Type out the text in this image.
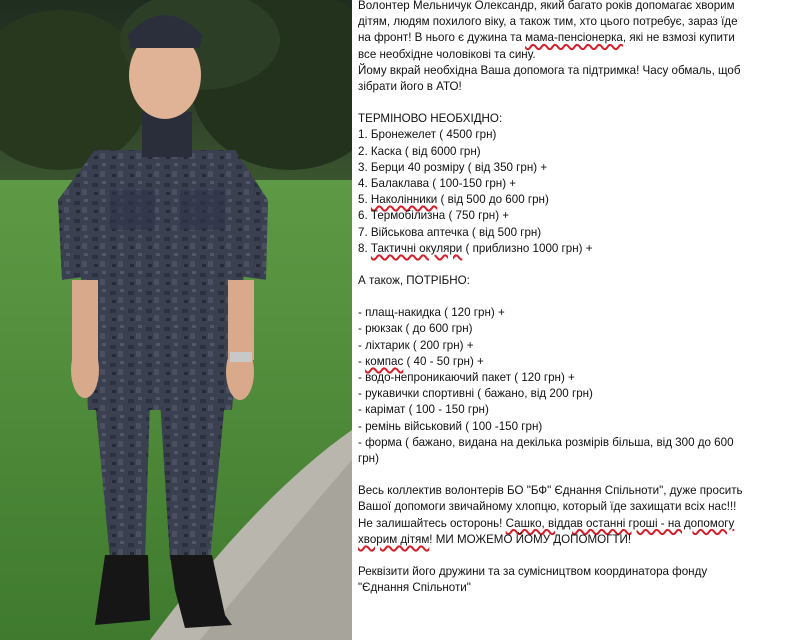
Волонтер Мельничук Олександр, який багато років допомагає хворим

дітям, людям похилого віку, а також тим, хто цього потребує, зараз їде

на фронт! В нього є дужина та мама-пенсіонерка, які не взмозі купити

все необхідне чоловікові та сину.

Йому вкрай необхідна Ваша допомога та підтримка! Часу обмаль, щоб

зібрати його в АТО!

ТЕРМІНОВО НЕОБХІДНО:

1. Бронежелет ( 4500 грн)

2. Каска ( від 6000 грн)

3. Берци 40 розміру ( від 350 грн) +

4. Балаклава ( 100-150 грн) +

5. Наколінники ( від 500 до 600 грн)

6. Термобілизна ( 750 грн) +

7. Військова аптечка ( від 500 грн)

8. Тактичні окуляри ( приблизно 1000 грн) +

А також, ПОТРІБНО:

- плащ-накидка ( 120 грн) +

- рюкзак ( до 600 грн)

- ліхтарик ( 200 грн) +

- компас ( 40 - 50 грн) +

- водо-непроникаючий пакет ( 120 грн) +

- рукавички спортивні ( бажано, від 200 грн)

- карімат ( 100 - 150 грн)

- ремінь військовий ( 100 -150 грн)

- форма ( бажано, видана на декілька розмірів більша, від 300 до 600

грн)

Весь коллектив волонтерів БО "БФ" Єднання Спільноти", дуже просить

Вашої допомоги звичайному хлопцю, который їде захищати всіх нас!!!

Не залишайтесь осторонь! Сашко, віддав останні гроші - на допомогу

хворим дітям! МИ МОЖЕМО ЙОМУ ДОПОМОГТИ!

Реквізити його дружини та за сумісництвом координатора фонду

"Єднання Спільноти"
